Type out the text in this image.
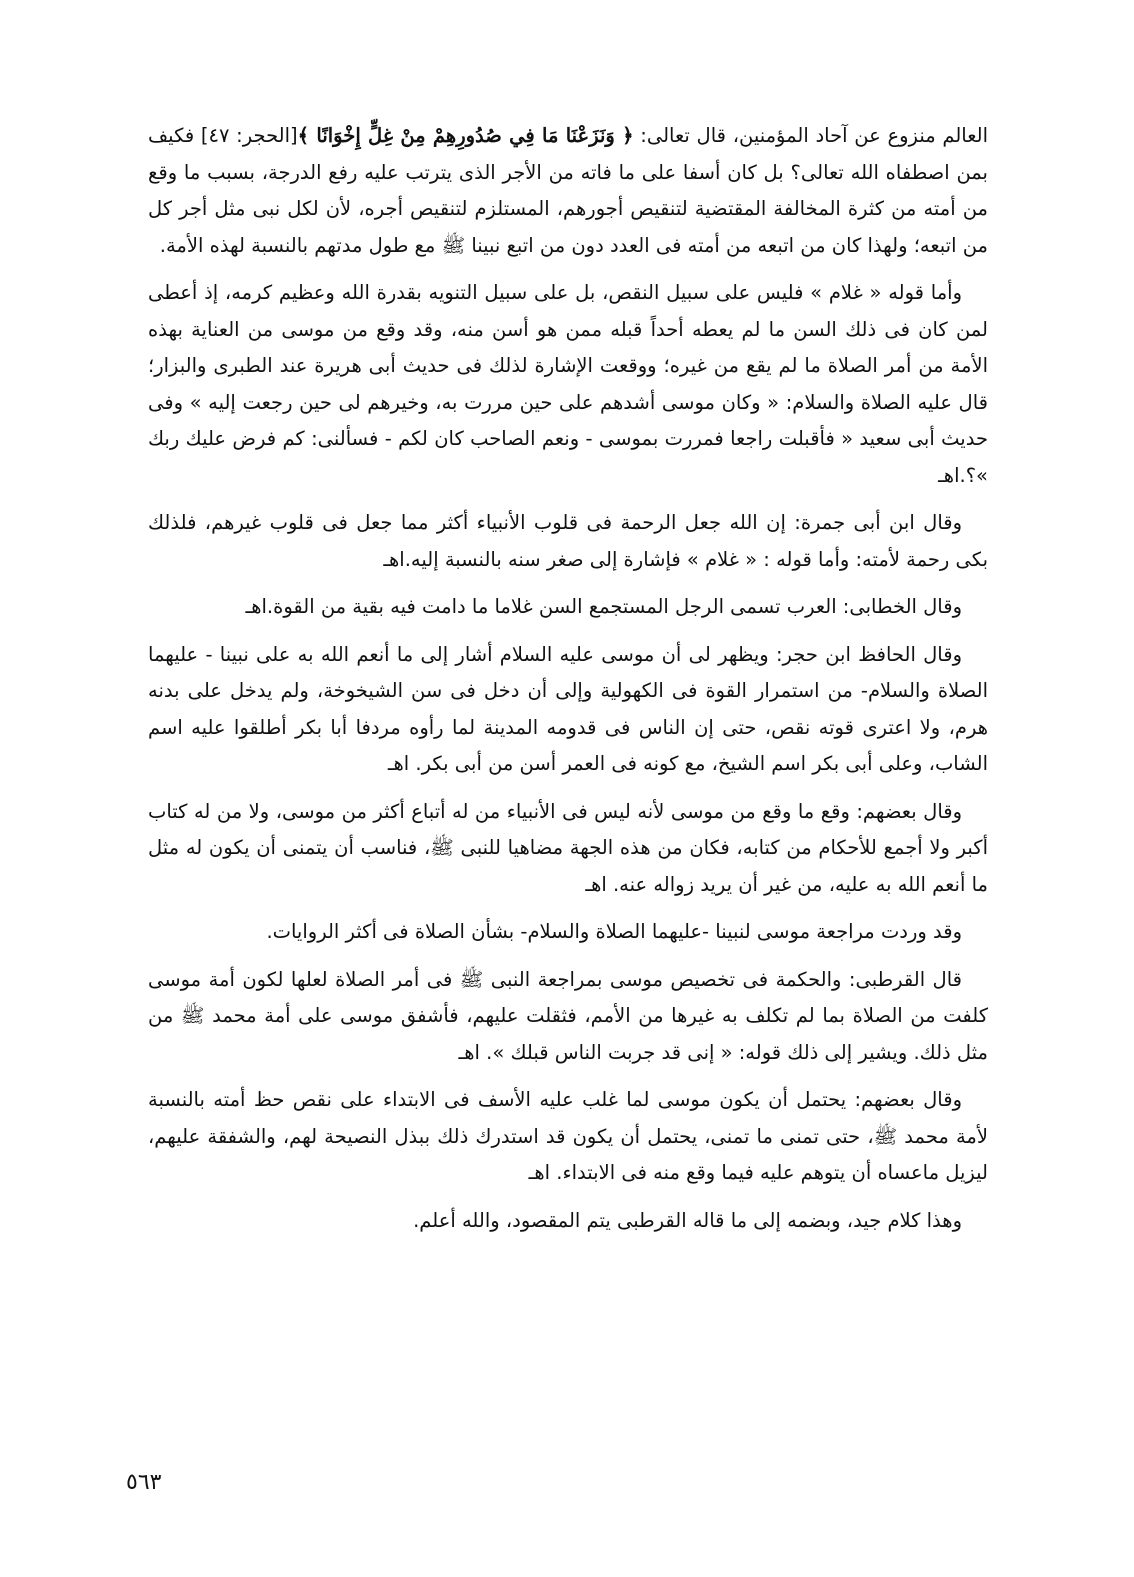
العالم منزوع عن آحاد المؤمنين، قال تعالى: ﴿ وَنَزَعْنَا مَا فِي صُدُورِهِمْ مِنْ غِلٍّ إِخْوَانًا ﴾[الحجر: ٤٧] فكيف بمن اصطفاه الله تعالى؟ بل كان أسفا على ما فاته من الأجر الذى يترتب عليه رفع الدرجة، بسبب ما وقع من أمته من كثرة المخالفة المقتضية لتنقيص أجورهم، المستلزم لتنقيص أجره، لأن لكل نبى مثل أجر كل من اتبعه؛ ولهذا كان من اتبعه من أمته فى العدد دون من اتبع نبينا ﷺ مع طول مدتهم بالنسبة لهذه الأمة.

وأما قوله « غلام » فليس على سبيل النقص، بل على سبيل التنويه بقدرة الله وعظيم كرمه، إذ أعطى لمن كان فى ذلك السن ما لم يعطه أحداً قبله ممن هو أسن منه، وقد وقع من موسى من العناية بهذه الأمة من أمر الصلاة ما لم يقع من غيره؛ ووقعت الإشارة لذلك فى حديث أبى هريرة عند الطبرى والبزار؛ قال عليه الصلاة والسلام: « وكان موسى أشدهم على حين مررت به، وخيرهم لى حين رجعت إليه » وفى حديث أبى سعيد « فأقبلت راجعا فمررت بموسى - ونعم الصاحب كان لكم - فسألنى: كم فرض عليك ربك »؟.اهـ

وقال ابن أبى جمرة: إن الله جعل الرحمة فى قلوب الأنبياء أكثر مما جعل فى قلوب غيرهم، فلذلك بكى رحمة لأمته: وأما قوله : « غلام » فإشارة إلى صغر سنه بالنسبة إليه.اهـ

وقال الخطابى: العرب تسمى الرجل المستجمع السن غلاما ما دامت فيه بقية من القوة.اهـ

وقال الحافظ ابن حجر: ويظهر لى أن موسى عليه السلام أشار إلى ما أنعم الله به على نبينا - عليهما الصلاة والسلام- من استمرار القوة فى الكهولية وإلى أن دخل فى سن الشيخوخة، ولم يدخل على بدنه هرم، ولا اعترى قوته نقص، حتى إن الناس فى قدومه المدينة لما رأوه مردفا أبا بكر أطلقوا عليه اسم الشاب، وعلى أبى بكر اسم الشيخ، مع كونه فى العمر أسن من أبى بكر. اهـ

وقال بعضهم: وقع ما وقع من موسى لأنه ليس فى الأنبياء من له أتباع أكثر من موسى، ولا من له كتاب أكبر ولا أجمع للأحكام من كتابه، فكان من هذه الجهة مضاهيا للنبى ﷺ، فناسب أن يتمنى أن يكون له مثل ما أنعم الله به عليه، من غير أن يريد زواله عنه. اهـ

وقد وردت مراجعة موسى لنبينا -عليهما الصلاة والسلام- بشأن الصلاة فى أكثر الروايات.

قال القرطبى: والحكمة فى تخصيص موسى بمراجعة النبى ﷺ فى أمر الصلاة لعلها لكون أمة موسى كلفت من الصلاة بما لم تكلف به غيرها من الأمم، فثقلت عليهم، فأشفق موسى على أمة محمد ﷺ من مثل ذلك. ويشير إلى ذلك قوله: « إنى قد جربت الناس قبلك ». اهـ

وقال بعضهم: يحتمل أن يكون موسى لما غلب عليه الأسف فى الابتداء على نقص حظ أمته بالنسبة لأمة محمد ﷺ، حتى تمنى ما تمنى، يحتمل أن يكون قد استدرك ذلك ببذل النصيحة لهم، والشفقة عليهم، ليزيل ماعساه أن يتوهم عليه فيما وقع منه فى الابتداء. اهـ

وهذا كلام جيد، وبضمه إلى ما قاله القرطبى يتم المقصود، والله أعلم.

٥٦٣
